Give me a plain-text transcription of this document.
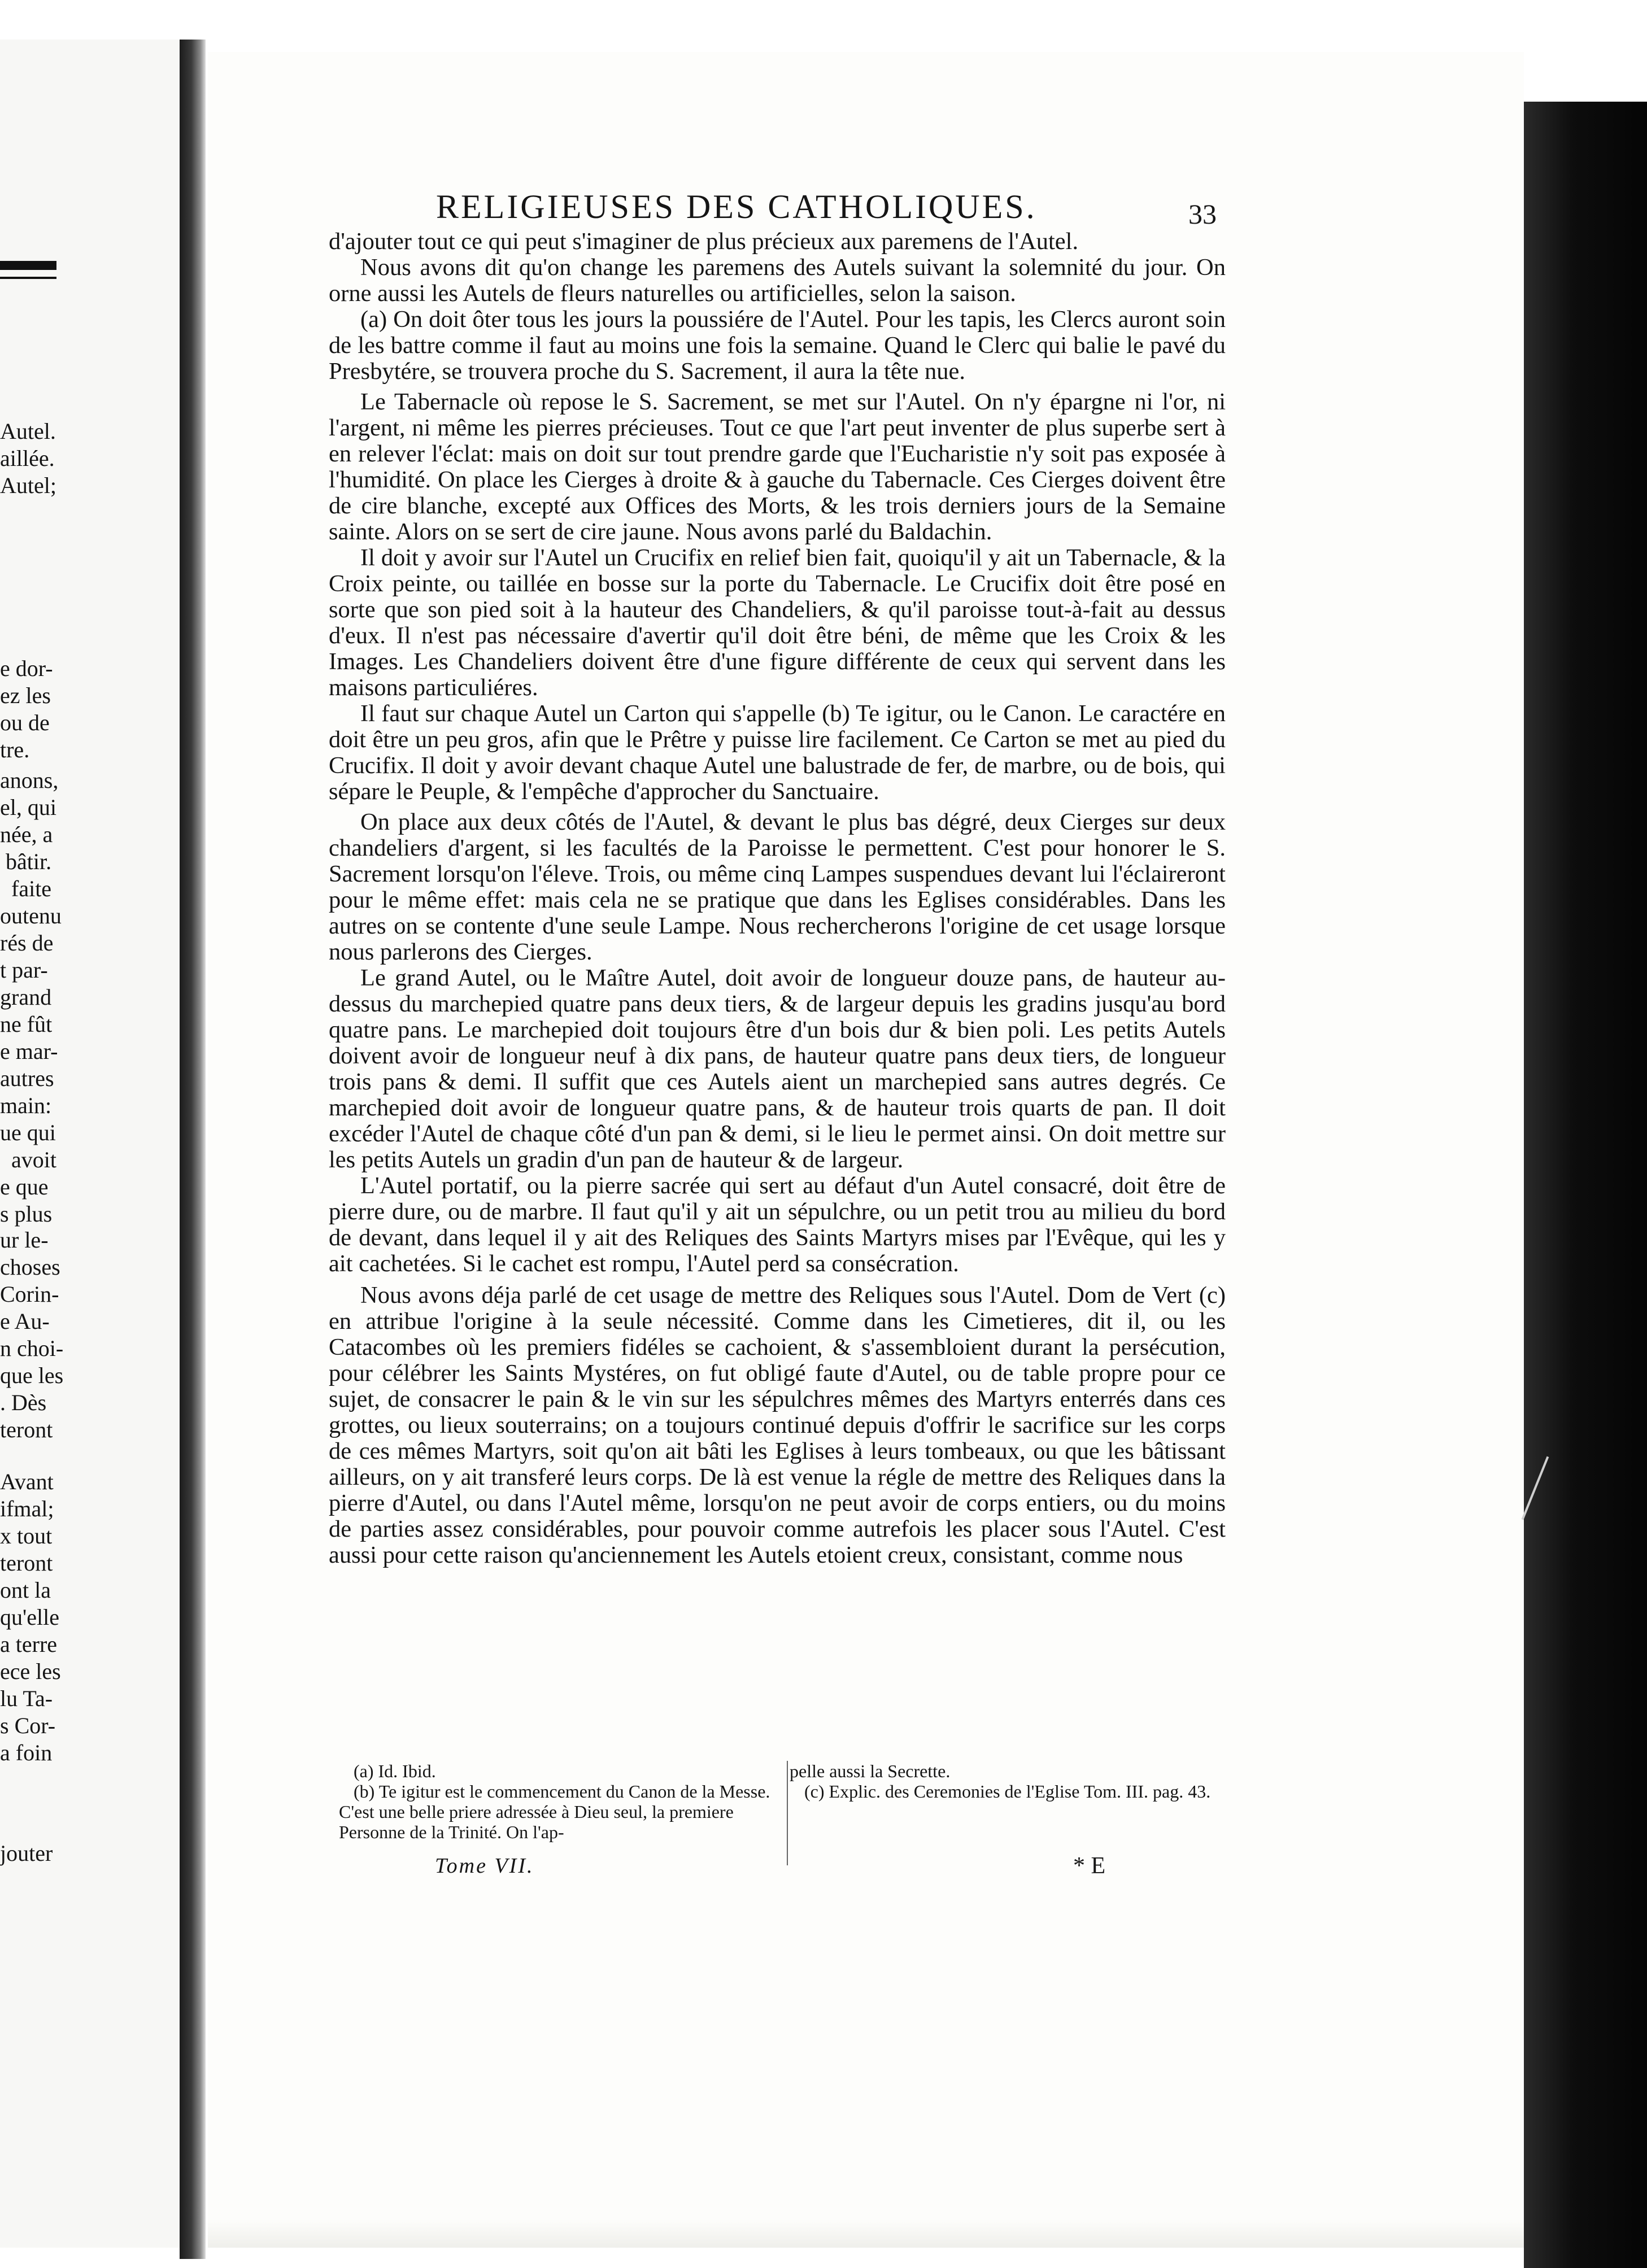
Autel.
aillée.
Autel;
e dor-
ez les
ou de
tre.
anons,
el, qui
née, a
bâtir.
faite
outenu
rés de
t par-
grand
ne fût
e mar-
autres
main:
ue qui
avoit
e que
s plus
ur le-
choses
Corin-
e Au-
n choi-
que les
. Dès
teront
Avant
ifmal;
x tout
teront
ont la
qu'elle
a terre
ece les
lu Ta-
s Cor-
a foin
jouter
RELIGIEUSES DES CATHOLIQUES.	33

d'ajouter tout ce qui peut s'imaginer de plus précieux aux paremens de l'Autel.

Nous avons dit qu'on change les paremens des Autels suivant la solemnité du jour. On orne aussi les Autels de fleurs naturelles ou artificielles, selon la saison.

(a) On doit ôter tous les jours la poussiére de l'Autel. Pour les tapis, les Clercs auront soin de les battre comme il faut au moins une fois la semaine. Quand le Clerc qui balie le pavé du Presbytére, se trouvera proche du S. Sacrement, il aura la tête nue.

Le Tabernacle où repose le S. Sacrement, se met sur l'Autel. On n'y épargne ni l'or, ni l'argent, ni même les pierres précieuses. Tout ce que l'art peut inventer de plus superbe sert à en relever l'éclat: mais on doit sur tout prendre garde que l'Eucharistie n'y soit pas exposée à l'humidité. On place les Cierges à droite & à gauche du Tabernacle. Ces Cierges doivent être de cire blanche, excepté aux Offices des Morts, & les trois derniers jours de la Semaine sainte. Alors on se sert de cire jaune. Nous avons parlé du Baldachin.

Il doit y avoir sur l'Autel un Crucifix en relief bien fait, quoiqu'il y ait un Tabernacle, & la Croix peinte, ou taillée en bosse sur la porte du Tabernacle. Le Crucifix doit être posé en sorte que son pied soit à la hauteur des Chandeliers, & qu'il paroisse tout-à-fait au dessus d'eux. Il n'est pas nécessaire d'avertir qu'il doit être béni, de même que les Croix & les Images. Les Chandeliers doivent être d'une figure différente de ceux qui servent dans les maisons particuliéres.

Il faut sur chaque Autel un Carton qui s'appelle (b) Te igitur, ou le Canon. Le caractére en doit être un peu gros, afin que le Prêtre y puisse lire facilement. Ce Carton se met au pied du Crucifix. Il doit y avoir devant chaque Autel une balustrade de fer, de marbre, ou de bois, qui sépare le Peuple, & l'empêche d'approcher du Sanctuaire.

On place aux deux côtés de l'Autel, & devant le plus bas dégré, deux Cierges sur deux chandeliers d'argent, si les facultés de la Paroisse le permettent. C'est pour honorer le S. Sacrement lorsqu'on l'éleve. Trois, ou même cinq Lampes suspendues devant lui l'éclaireront pour le même effet: mais cela ne se pratique que dans les Eglises considérables. Dans les autres on se contente d'une seule Lampe. Nous rechercherons l'origine de cet usage lorsque nous parlerons des Cierges.

Le grand Autel, ou le Maître Autel, doit avoir de longueur douze pans, de hauteur au-dessus du marchepied quatre pans deux tiers, & de largeur depuis les gradins jusqu'au bord quatre pans. Le marchepied doit toujours être d'un bois dur & bien poli. Les petits Autels doivent avoir de longueur neuf à dix pans, de hauteur quatre pans deux tiers, de longueur trois pans & demi. Il suffit que ces Autels aient un marchepied sans autres degrés. Ce marchepied doit avoir de longueur quatre pans, & de hauteur trois quarts de pan. Il doit excéder l'Autel de chaque côté d'un pan & demi, si le lieu le permet ainsi. On doit mettre sur les petits Autels un gradin d'un pan de hauteur & de largeur.

L'Autel portatif, ou la pierre sacrée qui sert au défaut d'un Autel consacré, doit être de pierre dure, ou de marbre. Il faut qu'il y ait un sépulchre, ou un petit trou au milieu du bord de devant, dans lequel il y ait des Reliques des Saints Martyrs mises par l'Evêque, qui les y ait cachetées. Si le cachet est rompu, l'Autel perd sa consécration.

Nous avons déja parlé de cet usage de mettre des Reliques sous l'Autel. Dom de Vert (c) en attribue l'origine à la seule nécessité. Comme dans les Cimetieres, dit il, ou les Catacombes où les premiers fidéles se cachoient, & s'assembloient durant la persécution, pour célébrer les Saints Mystéres, on fut obligé faute d'Autel, ou de table propre pour ce sujet, de consacrer le pain & le vin sur les sépulchres mêmes des Martyrs enterrés dans ces grottes, ou lieux souterrains; on a toujours continué depuis d'offrir le sacrifice sur les corps de ces mêmes Martyrs, soit qu'on ait bâti les Eglises à leurs tombeaux, ou que les bâtissant ailleurs, on y ait transferé leurs corps. De là est venue la régle de mettre des Reliques dans la pierre d'Autel, ou dans l'Autel même, lorsqu'on ne peut avoir de corps entiers, ou du moins de parties assez considérables, pour pouvoir comme autrefois les placer sous l'Autel. C'est aussi pour cette raison qu'anciennement les Autels etoient creux, consistant, comme nous

(a) Id. Ibid.

(b) Te igitur est le commencement du Canon de la Messe. C'est une belle priere adressée à Dieu seul, la premiere Personne de la Trinité. On l'ap-

pelle aussi la Secrette.

(c) Explic. des Ceremonies de l'Eglise Tom. III. pag. 43.

Tome VII.	* E
